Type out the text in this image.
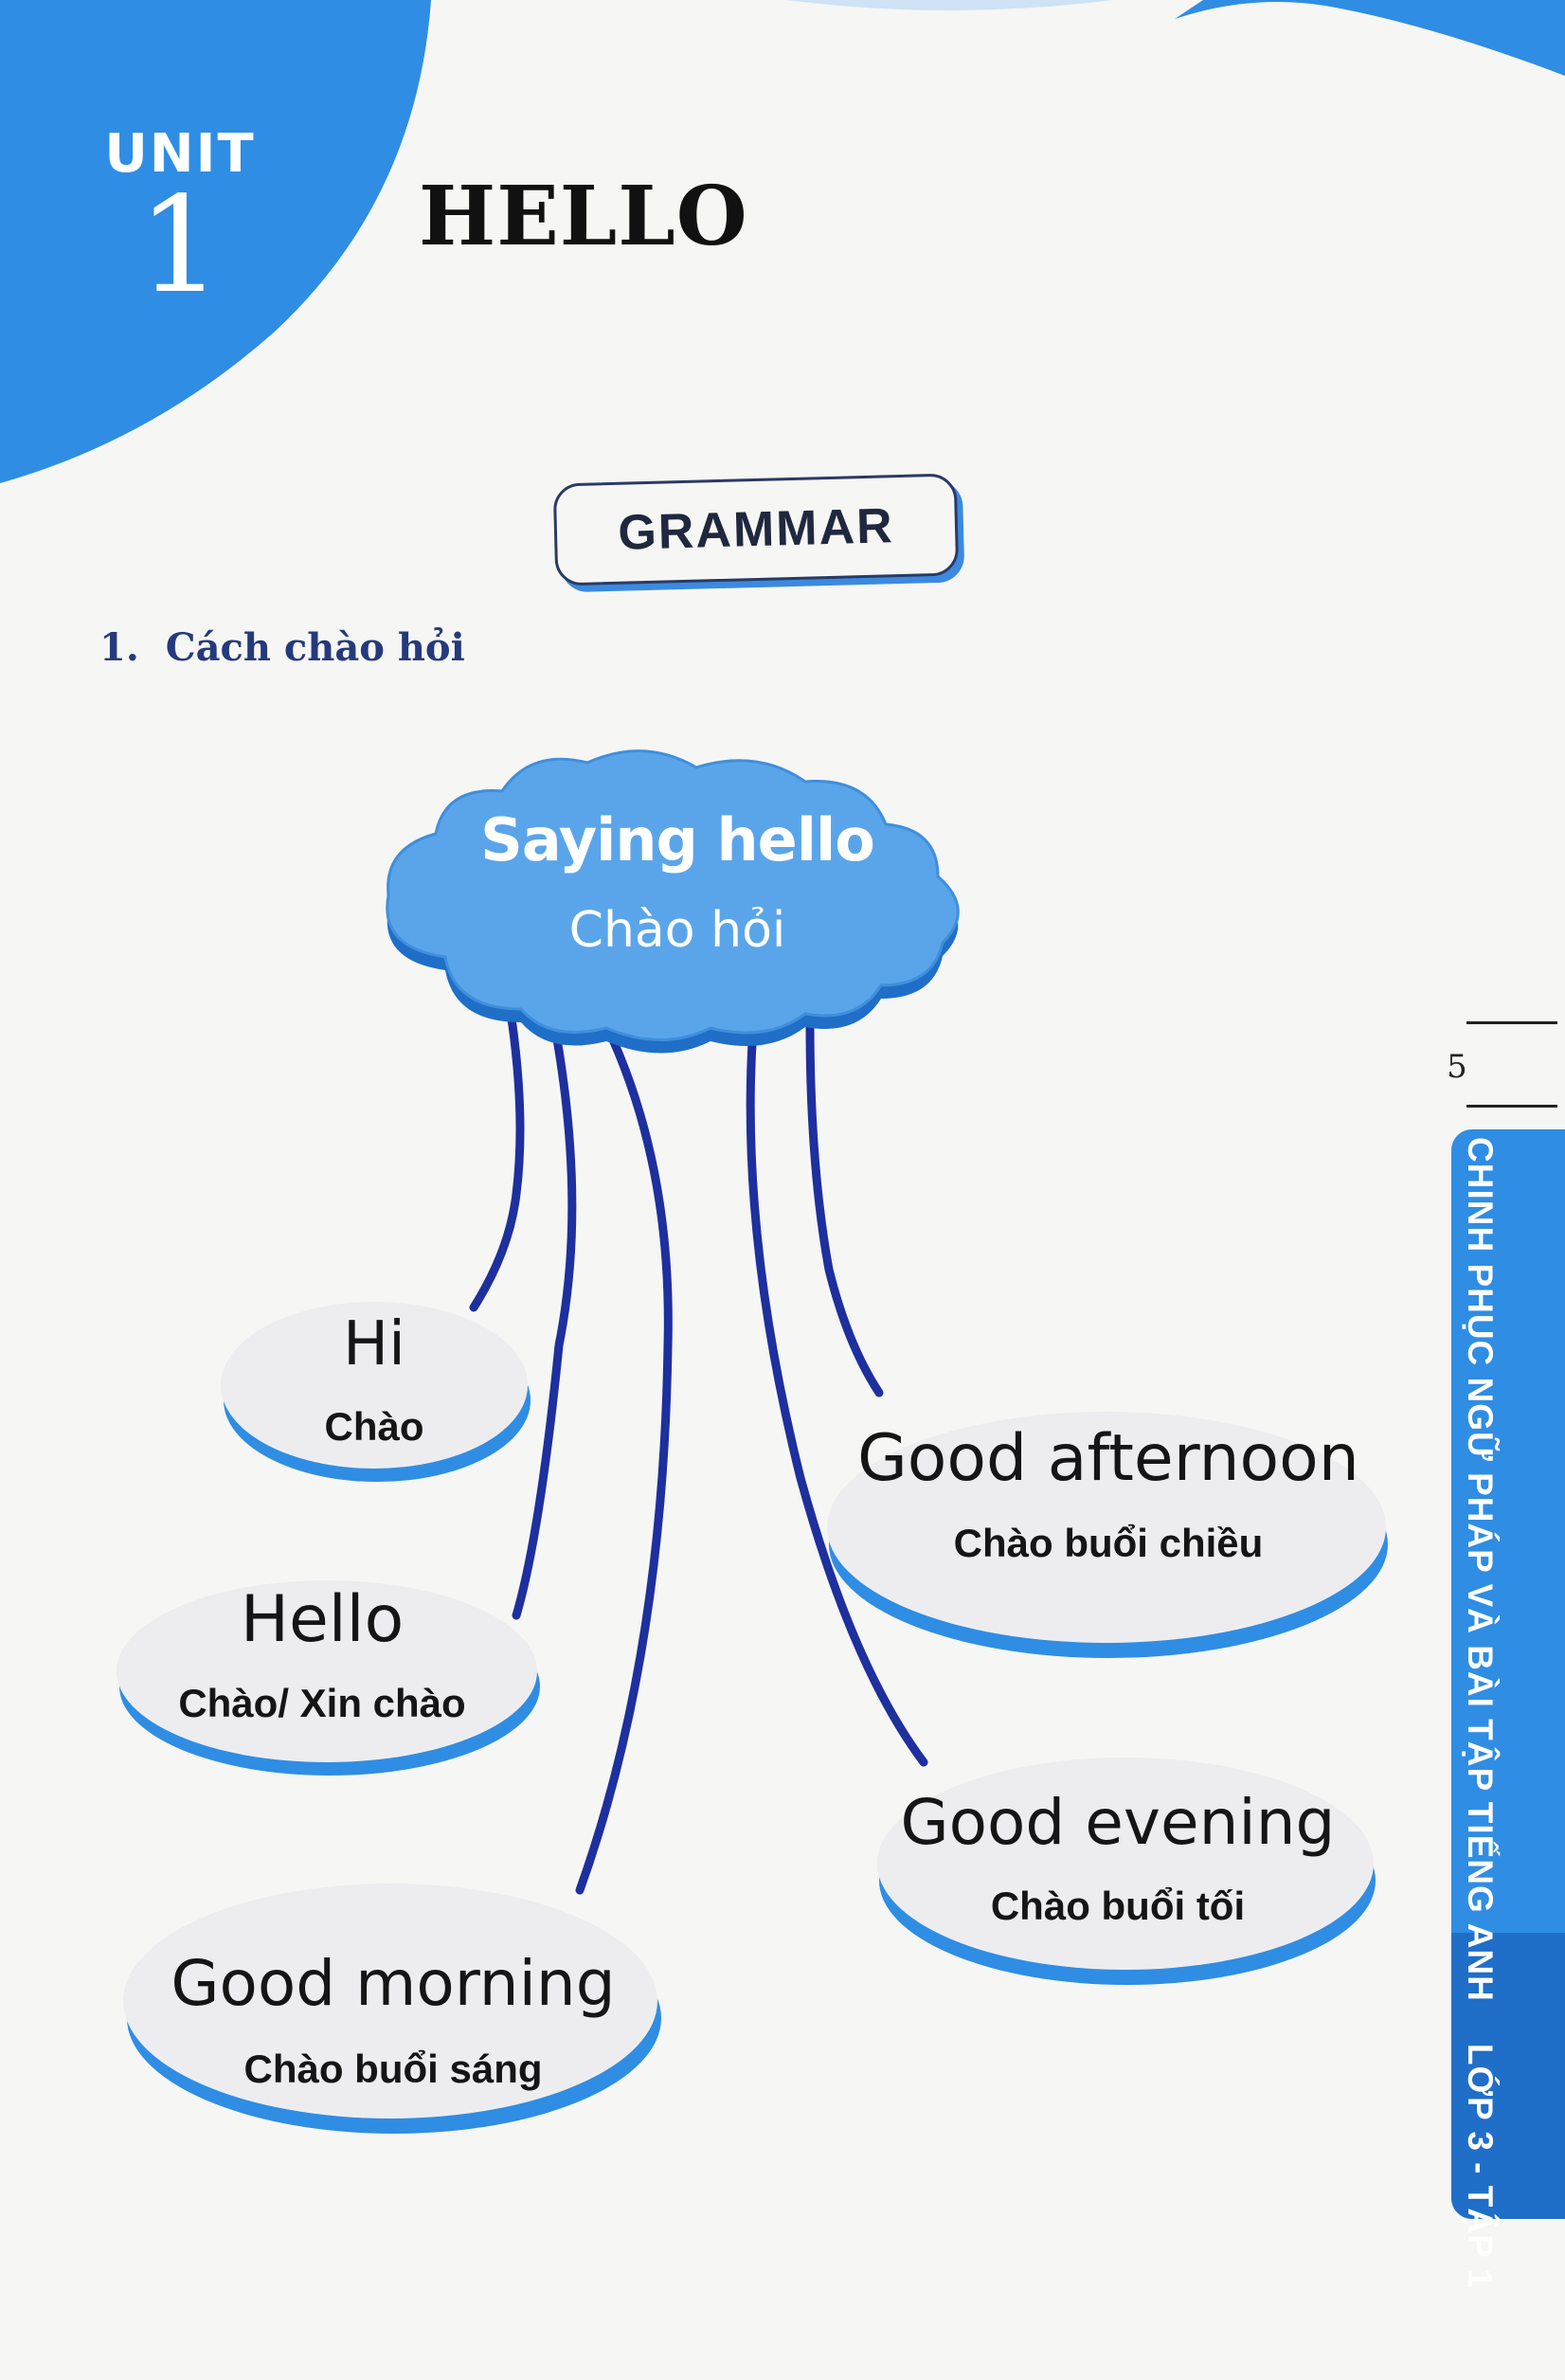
UNIT
1	HELLO
GRAMMAR
1. Cách chào hỏi
Saying hello
Chào hỏi
Hi
Chào
Hello
Chào/ Xin chào
Good morning
Chào buổi sáng
Good afternoon
Chào buổi chiều
Good evening
Chào buổi tối
5
CHINH PHỤC NGỮ PHÁP VÀ BÀI TẬP TIẾNG ANHLỚP 3 - TẬP 1
